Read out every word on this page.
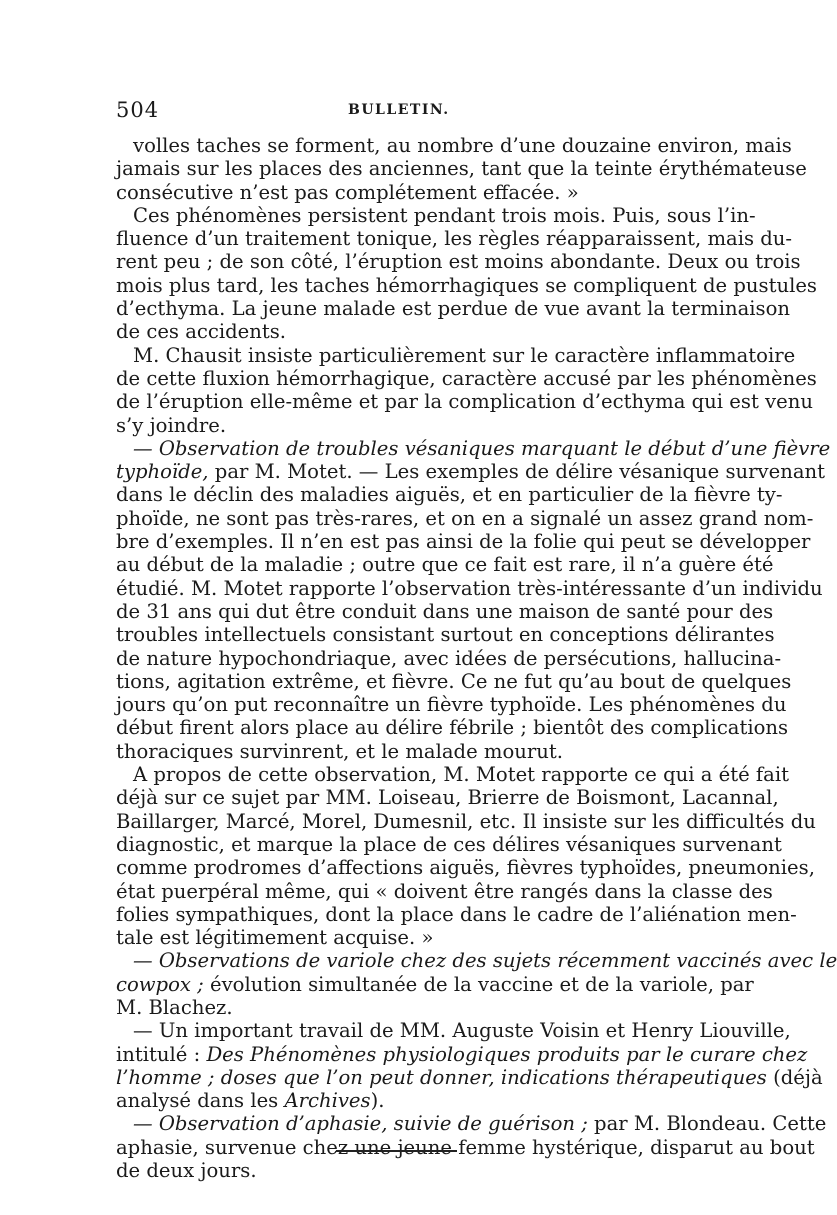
504	BULLETIN.
volles taches se forment, au nombre d’une douzaine environ, mais
jamais sur les places des anciennes, tant que la teinte érythémateuse
consécutive n’est pas complétement effacée. »
Ces phénomènes persistent pendant trois mois. Puis, sous l’in-
fluence d’un traitement tonique, les règles réapparaissent, mais du-
rent peu ; de son côté, l’éruption est moins abondante. Deux ou trois
mois plus tard, les taches hémorrhagiques se compliquent de pustules
d’ecthyma. La jeune malade est perdue de vue avant la terminaison
de ces accidents.
M. Chausit insiste particulièrement sur le caractère inflammatoire
de cette fluxion hémorrhagique, caractère accusé par les phénomènes
de l’éruption elle-même et par la complication d’ecthyma qui est venu
s’y joindre.
— Observation de troubles vésaniques marquant le début d’une fièvre
typhoïde, par M. Motet. — Les exemples de délire vésanique survenant
dans le déclin des maladies aiguës, et en particulier de la fièvre ty-
phoïde, ne sont pas très-rares, et on en a signalé un assez grand nom-
bre d’exemples. Il n’en est pas ainsi de la folie qui peut se développer
au début de la maladie ; outre que ce fait est rare, il n’a guère été
étudié. M. Motet rapporte l’observation très-intéressante d’un individu
de 31 ans qui dut être conduit dans une maison de santé pour des
troubles intellectuels consistant surtout en conceptions délirantes
de nature hypochondriaque, avec idées de persécutions, hallucina-
tions, agitation extrême, et fièvre. Ce ne fut qu’au bout de quelques
jours qu’on put reconnaître un fièvre typhoïde. Les phénomènes du
début firent alors place au délire fébrile ; bientôt des complications
thoraciques survinrent, et le malade mourut.
A propos de cette observation, M. Motet rapporte ce qui a été fait
déjà sur ce sujet par MM. Loiseau, Brierre de Boismont, Lacannal,
Baillarger, Marcé, Morel, Dumesnil, etc. Il insiste sur les difficultés du
diagnostic, et marque la place de ces délires vésaniques survenant
comme prodromes d’affections aiguës, fièvres typhoïdes, pneumonies,
état puerpéral même, qui « doivent être rangés dans la classe des
folies sympathiques, dont la place dans le cadre de l’aliénation men-
tale est légitimement acquise. »
— Observations de variole chez des sujets récemment vaccinés avec le
cowpox ; évolution simultanée de la vaccine et de la variole, par
M. Blachez.
— Un important travail de MM. Auguste Voisin et Henry Liouville,
intitulé : Des Phénomènes physiologiques produits par le curare chez
l’homme ; doses que l’on peut donner, indications thérapeutiques (déjà
analysé dans les Archives).
— Observation d’aphasie, suivie de guérison ; par M. Blondeau. Cette
aphasie, survenue chez une jeune femme hystérique, disparut au bout
de deux jours.
